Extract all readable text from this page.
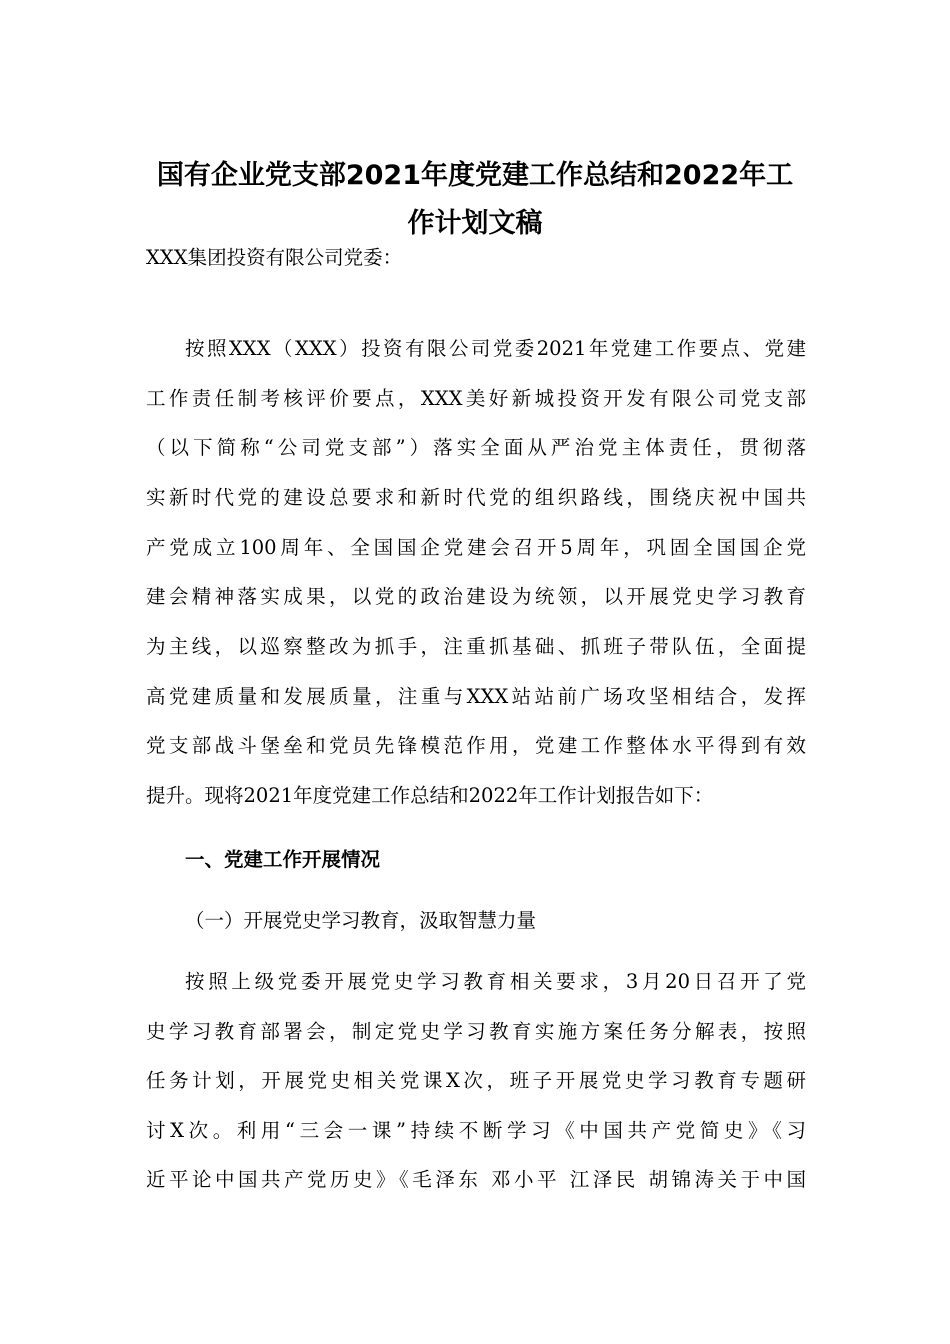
国有企业党支部2021年度党建工作总结和2022年工
作计划文稿
XXX集团投资有限公司党委：
按照XXX（XXX）投资有限公司党委2021年党建工作要点、党建
工作责任制考核评价要点，XXX美好新城投资开发有限公司党支部
（以下简称“公司党支部”）落实全面从严治党主体责任，贯彻落
实新时代党的建设总要求和新时代党的组织路线，围绕庆祝中国共
产党成立100周年、全国国企党建会召开5周年，巩固全国国企党
建会精神落实成果，以党的政治建设为统领，以开展党史学习教育
为主线，以巡察整改为抓手，注重抓基础、抓班子带队伍，全面提
高党建质量和发展质量，注重与XXX站站前广场攻坚相结合，发挥
党支部战斗堡垒和党员先锋模范作用，党建工作整体水平得到有效
提升。现将2021年度党建工作总结和2022年工作计划报告如下：
一、党建工作开展情况
（一）开展党史学习教育，汲取智慧力量
按照上级党委开展党史学习教育相关要求，3月20日召开了党
史学习教育部署会，制定党史学习教育实施方案任务分解表，按照
任务计划，开展党史相关党课X次，班子开展党史学习教育专题研
讨X次。利用“三会一课”持续不断学习《中国共产党简史》《习
近平论中国共产党历史》《毛泽东 邓小平 江泽民 胡锦涛关于中国
